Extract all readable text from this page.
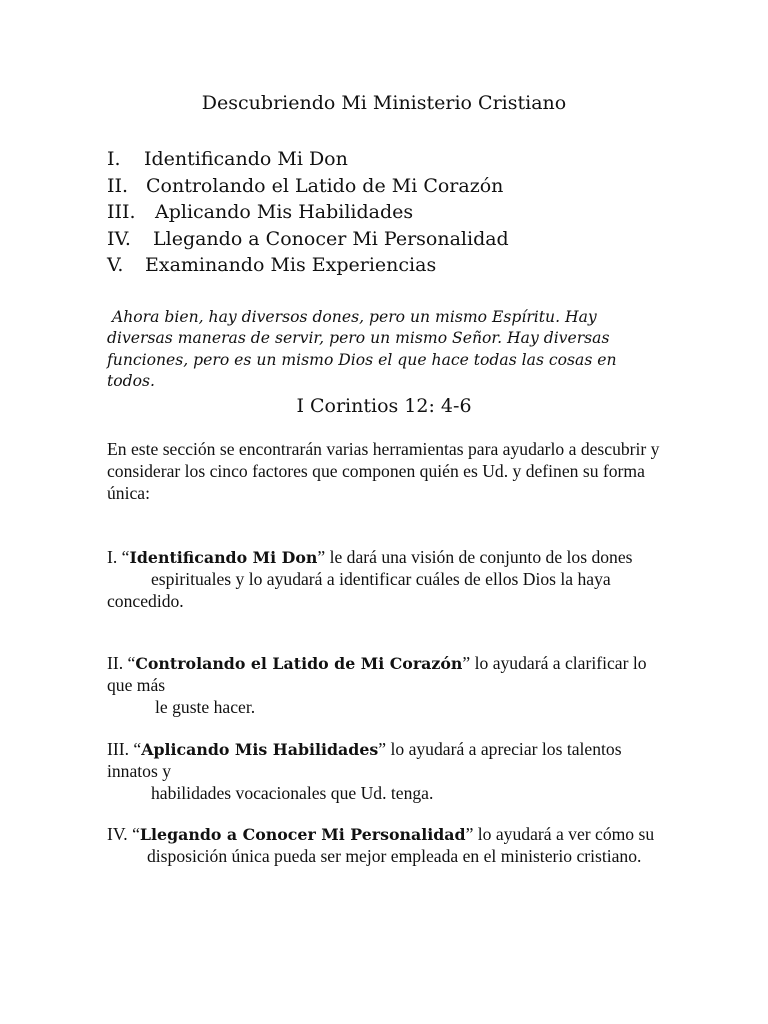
Descubriendo Mi Ministerio Cristiano
I. Identificando Mi Don
II. Controlando el Latido de Mi Corazón
III. Aplicando Mis Habilidades
IV. Llegando a Conocer Mi Personalidad
V. Examinando Mis Experiencias
Ahora bien, hay diversos dones, pero un mismo Espíritu. Hay diversas maneras de servir, pero un mismo Señor. Hay diversas funciones, pero es un mismo Dios el que hace todas las cosas en todos.
I Corintios 12: 4-6

En este sección se encontrarán varias herramientas para ayudarlo a descubrir y considerar los cinco factores que componen quién es Ud. y definen su forma única:

I. “Identificando Mi Don” le dará una visión de conjunto de los dones

espirituales y lo ayudará a identificar cuáles de ellos Dios la haya concedido.

II. “Controlando el Latido de Mi Corazón” lo ayudará a clarificar lo que más

le guste hacer.

III. “Aplicando Mis Habilidades” lo ayudará a apreciar los talentos innatos y

habilidades vocacionales que Ud. tenga.

IV. “Llegando a Conocer Mi Personalidad” lo ayudará a ver cómo su

disposición única pueda ser mejor empleada en el ministerio cristiano.
